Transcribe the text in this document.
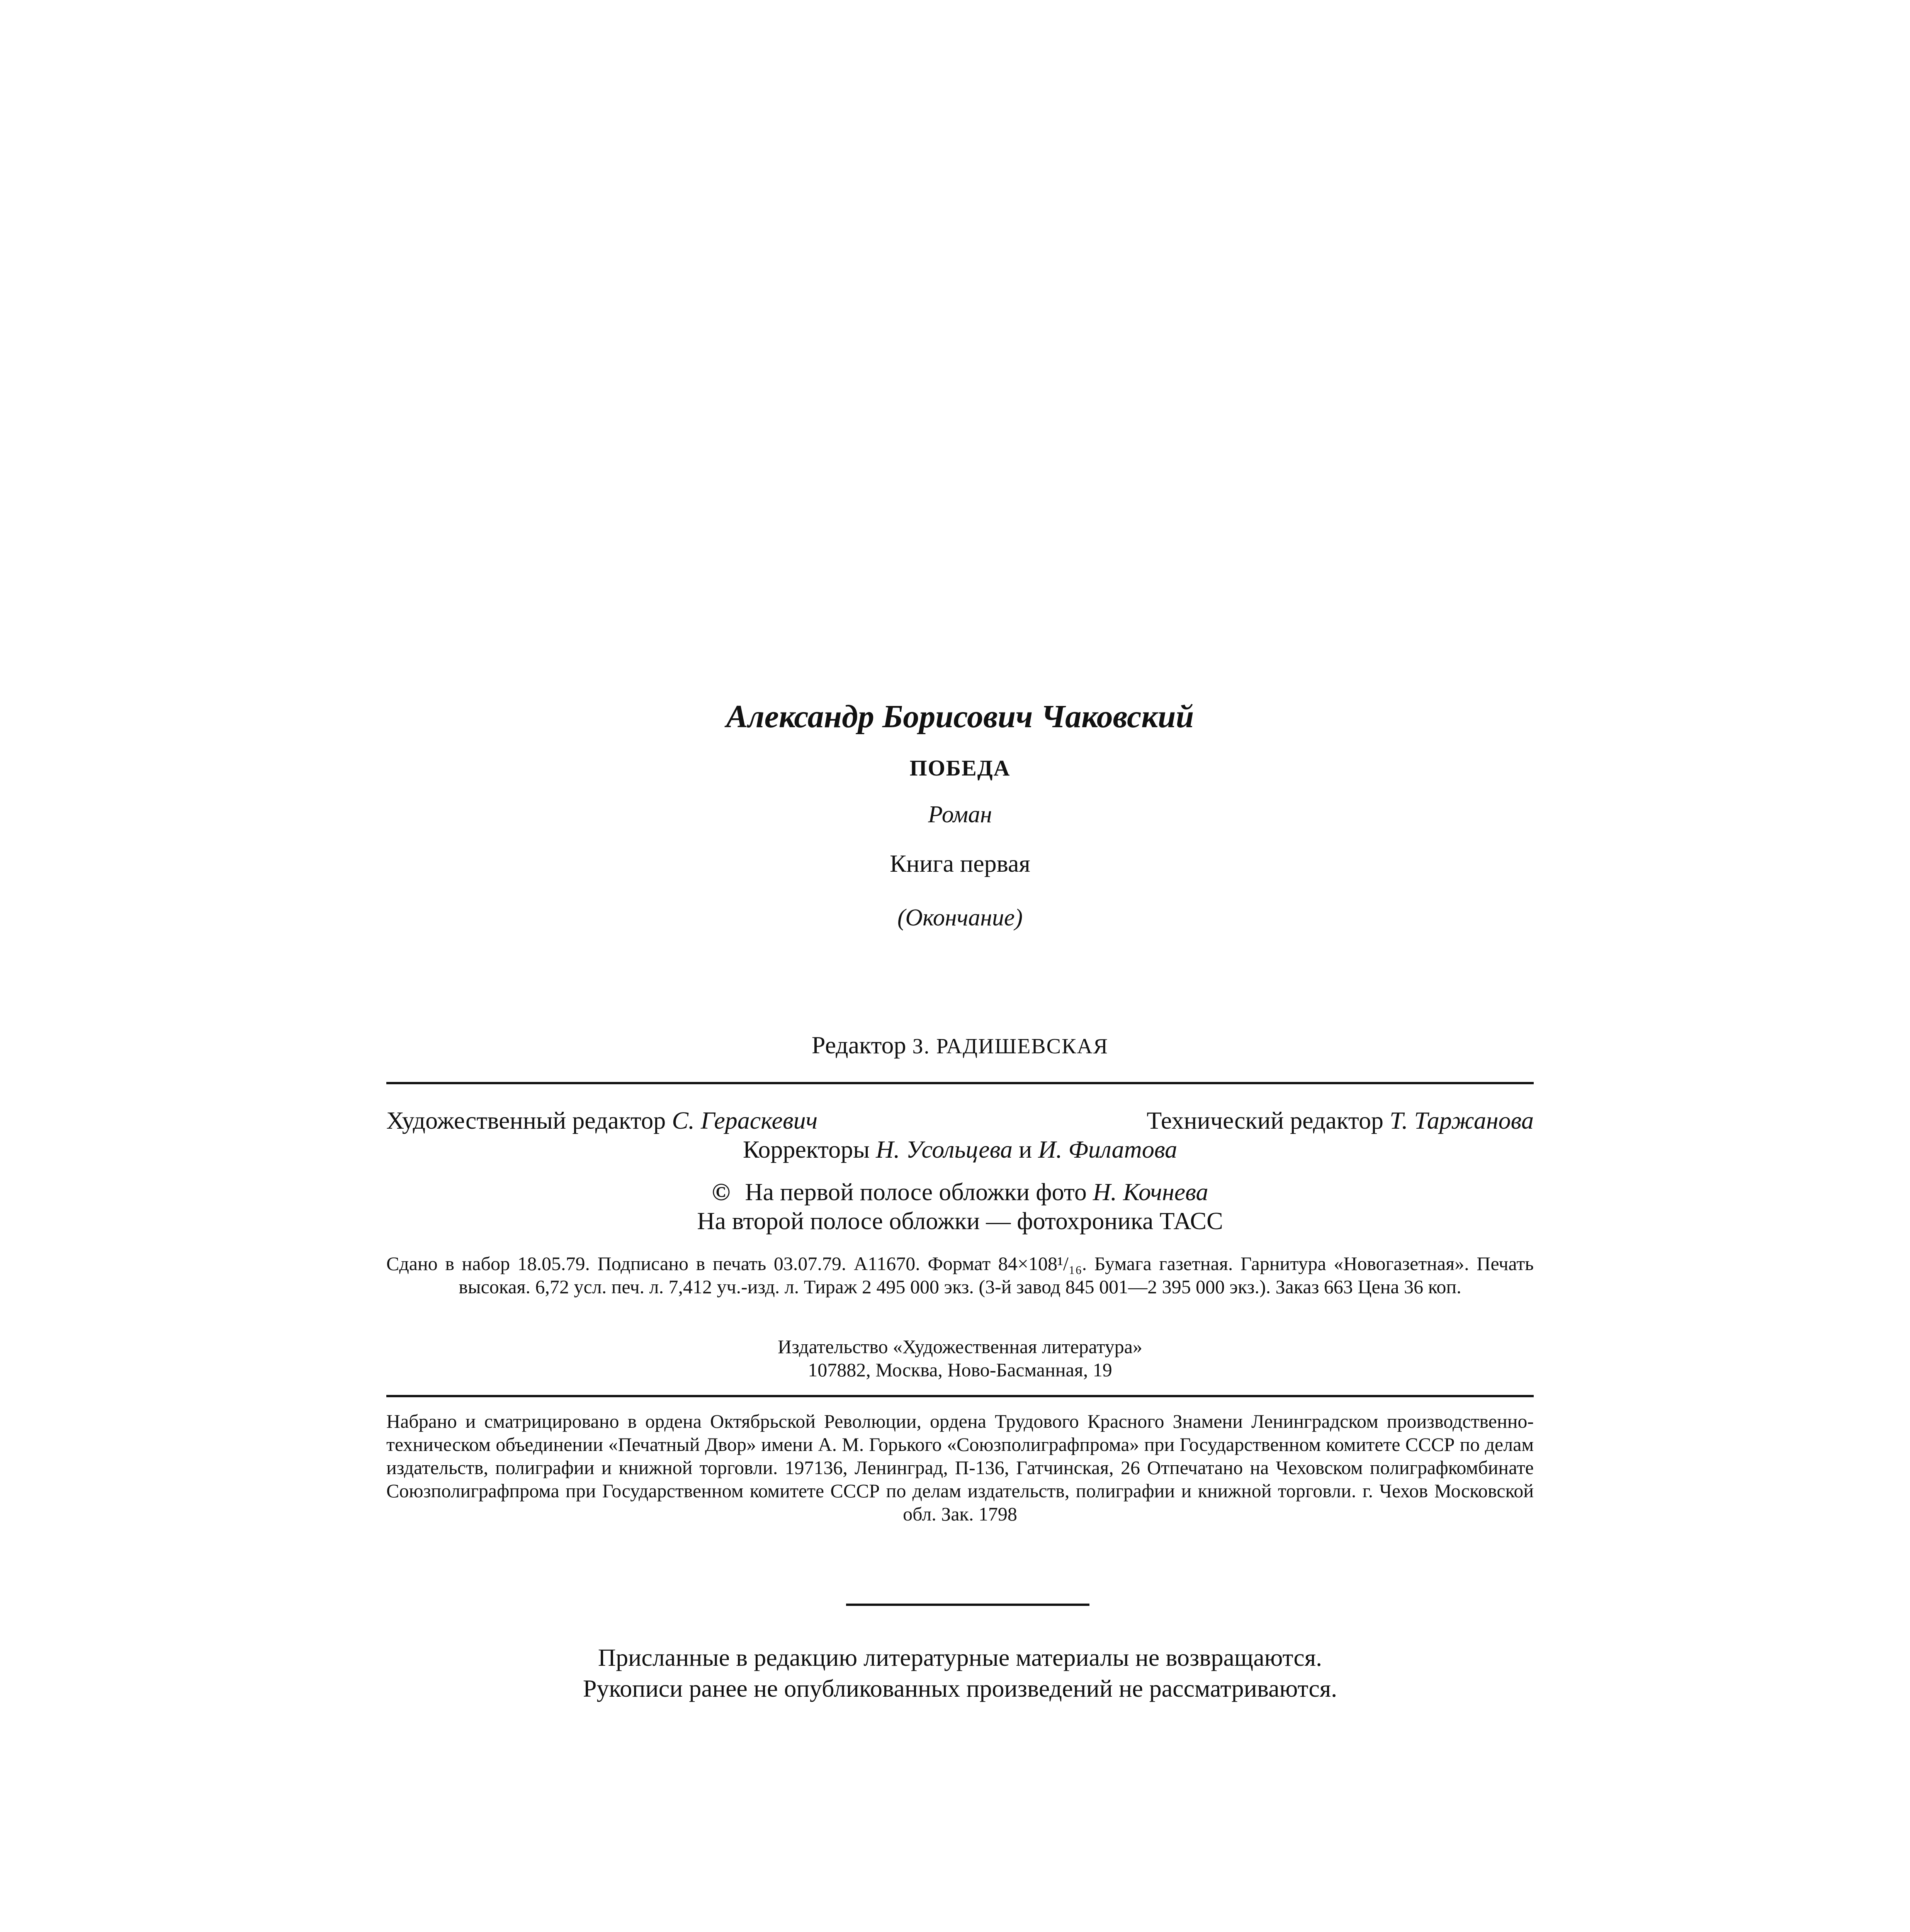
Александр Борисович Чаковский
ПОБЕДА
Роман
Книга первая
(Окончание)
Редактор З. РАДИШЕВСКАЯ
Художественный редактор С. Гераскевич	Технический редактор Т. Таржанова
Корректоры Н. Усольцева и И. Филатова
© На первой полосе обложки фото Н. Кочнева
На второй полосе обложки — фотохроника ТАСС
Сдано в набор 18.05.79. Подписано в печать 03.07.79. А11670. Формат 84×108¹/₁₆. Бумага газетная. Гарнитура «Новогазетная». Печать высокая. 6,72 усл. печ. л. 7,412 уч.-изд. л. Тираж 2 495 000 экз. (3-й завод 845 001—2 395 000 экз.). Заказ 663 Цена 36 коп.
Издательство «Художественная литература»
107882, Москва, Ново-Басманная, 19
Набрано и сматрицировано в ордена Октябрьской Революции, ордена Трудового Красного Знамени Ленинградском производственно-техническом объединении «Печатный Двор» имени А. М. Горького «Союзполиграфпрома» при Государственном комитете СССР по делам издательств, полиграфии и книжной торговли. 197136, Ленинград, П-136, Гатчинская, 26 Отпечатано на Чеховском полиграфкомбинате Союзполиграфпрома при Государственном комитете СССР по делам издательств, полиграфии и книжной торговли. г. Чехов Московской обл. Зак. 1798
Присланные в редакцию литературные материалы не возвращаются.
Рукописи ранее не опубликованных произведений не рассматриваются.
